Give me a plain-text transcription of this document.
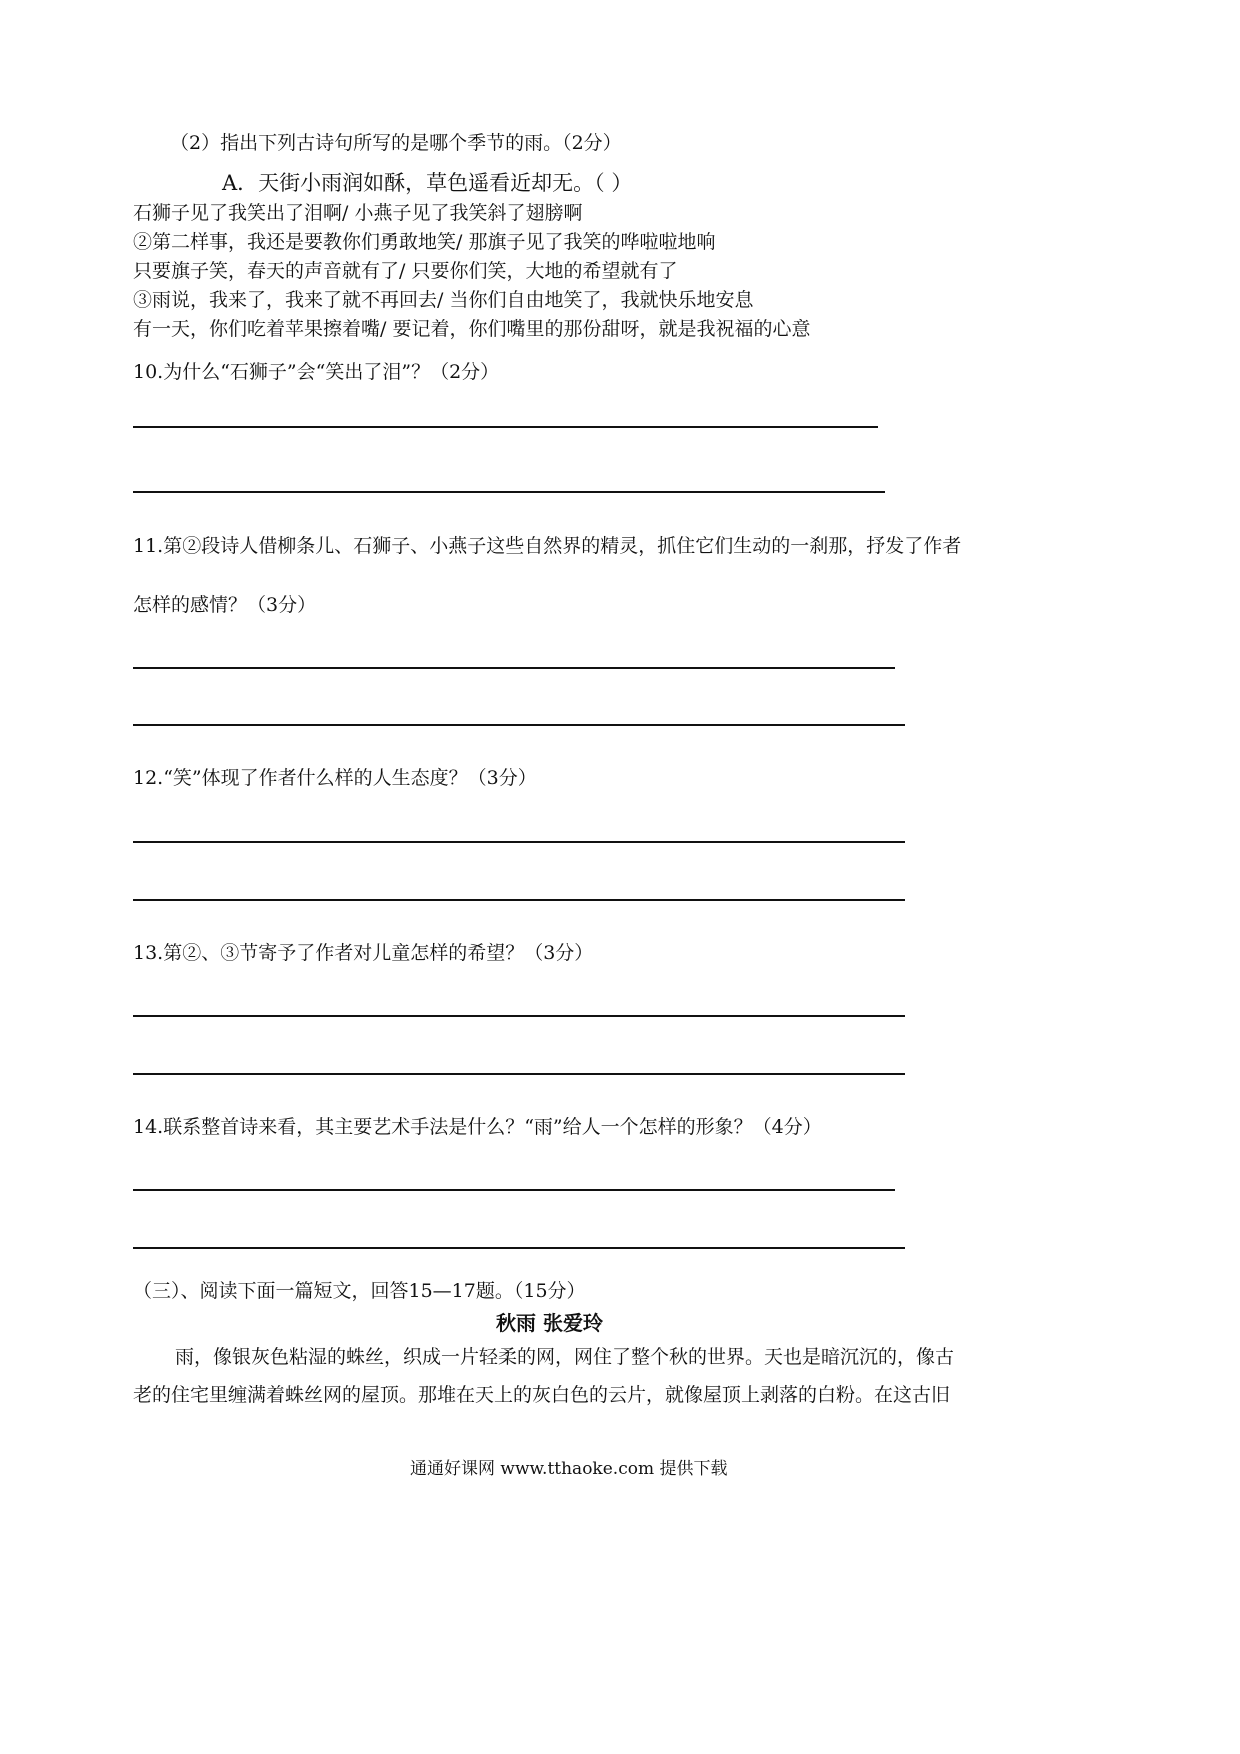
（2）指出下列古诗句所写的是哪个季节的雨。（2分）
A．天街小雨润如酥，草色遥看近却无。（ ）
石狮子见了我笑出了泪啊/ 小燕子见了我笑斜了翅膀啊
②第二样事，我还是要教你们勇敢地笑/ 那旗子见了我笑的哗啦啦地响
只要旗子笑，春天的声音就有了/ 只要你们笑，大地的希望就有了
③雨说，我来了，我来了就不再回去/ 当你们自由地笑了，我就快乐地安息
有一天，你们吃着苹果擦着嘴/ 要记着，你们嘴里的那份甜呀，就是我祝福的心意
10.为什么“石狮子”会“笑出了泪”？（2分）
11.第②段诗人借柳条儿、石狮子、小燕子这些自然界的精灵，抓住它们生动的一刹那，抒发了作者
怎样的感情？（3分）
12.“笑”体现了作者什么样的人生态度？（3分）
13.第②、③节寄予了作者对儿童怎样的希望？（3分）
14.联系整首诗来看，其主要艺术手法是什么？“雨”给人一个怎样的形象？（4分）
（三）、阅读下面一篇短文，回答15—17题。（15分）
秋雨 张爱玲
雨，像银灰色粘湿的蛛丝，织成一片轻柔的网，网住了整个秋的世界。天也是暗沉沉的，像古
老的住宅里缠满着蛛丝网的屋顶。那堆在天上的灰白色的云片，就像屋顶上剥落的白粉。在这古旧
通通好课网 www.tthaoke.com 提供下载
